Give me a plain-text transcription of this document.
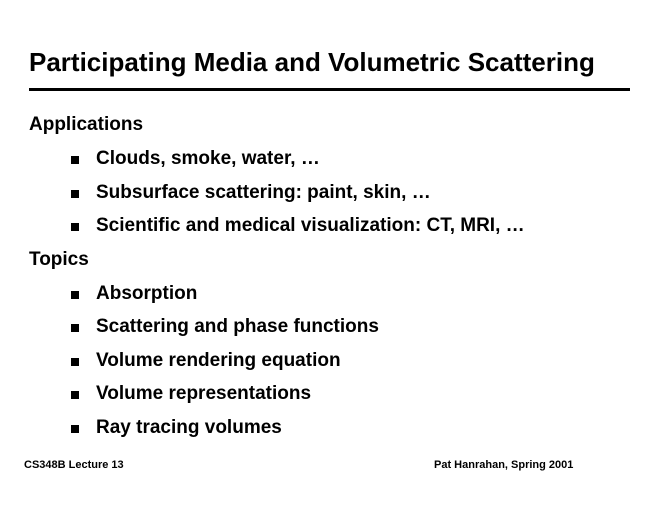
Participating Media and Volumetric Scattering
Applications
Clouds, smoke, water, …
Subsurface scattering: paint, skin, …
Scientific and medical visualization: CT, MRI, …
Topics
Absorption
Scattering and phase functions
Volume rendering equation
Volume representations
Ray tracing volumes
CS348B Lecture 13	Pat Hanrahan, Spring 2001
